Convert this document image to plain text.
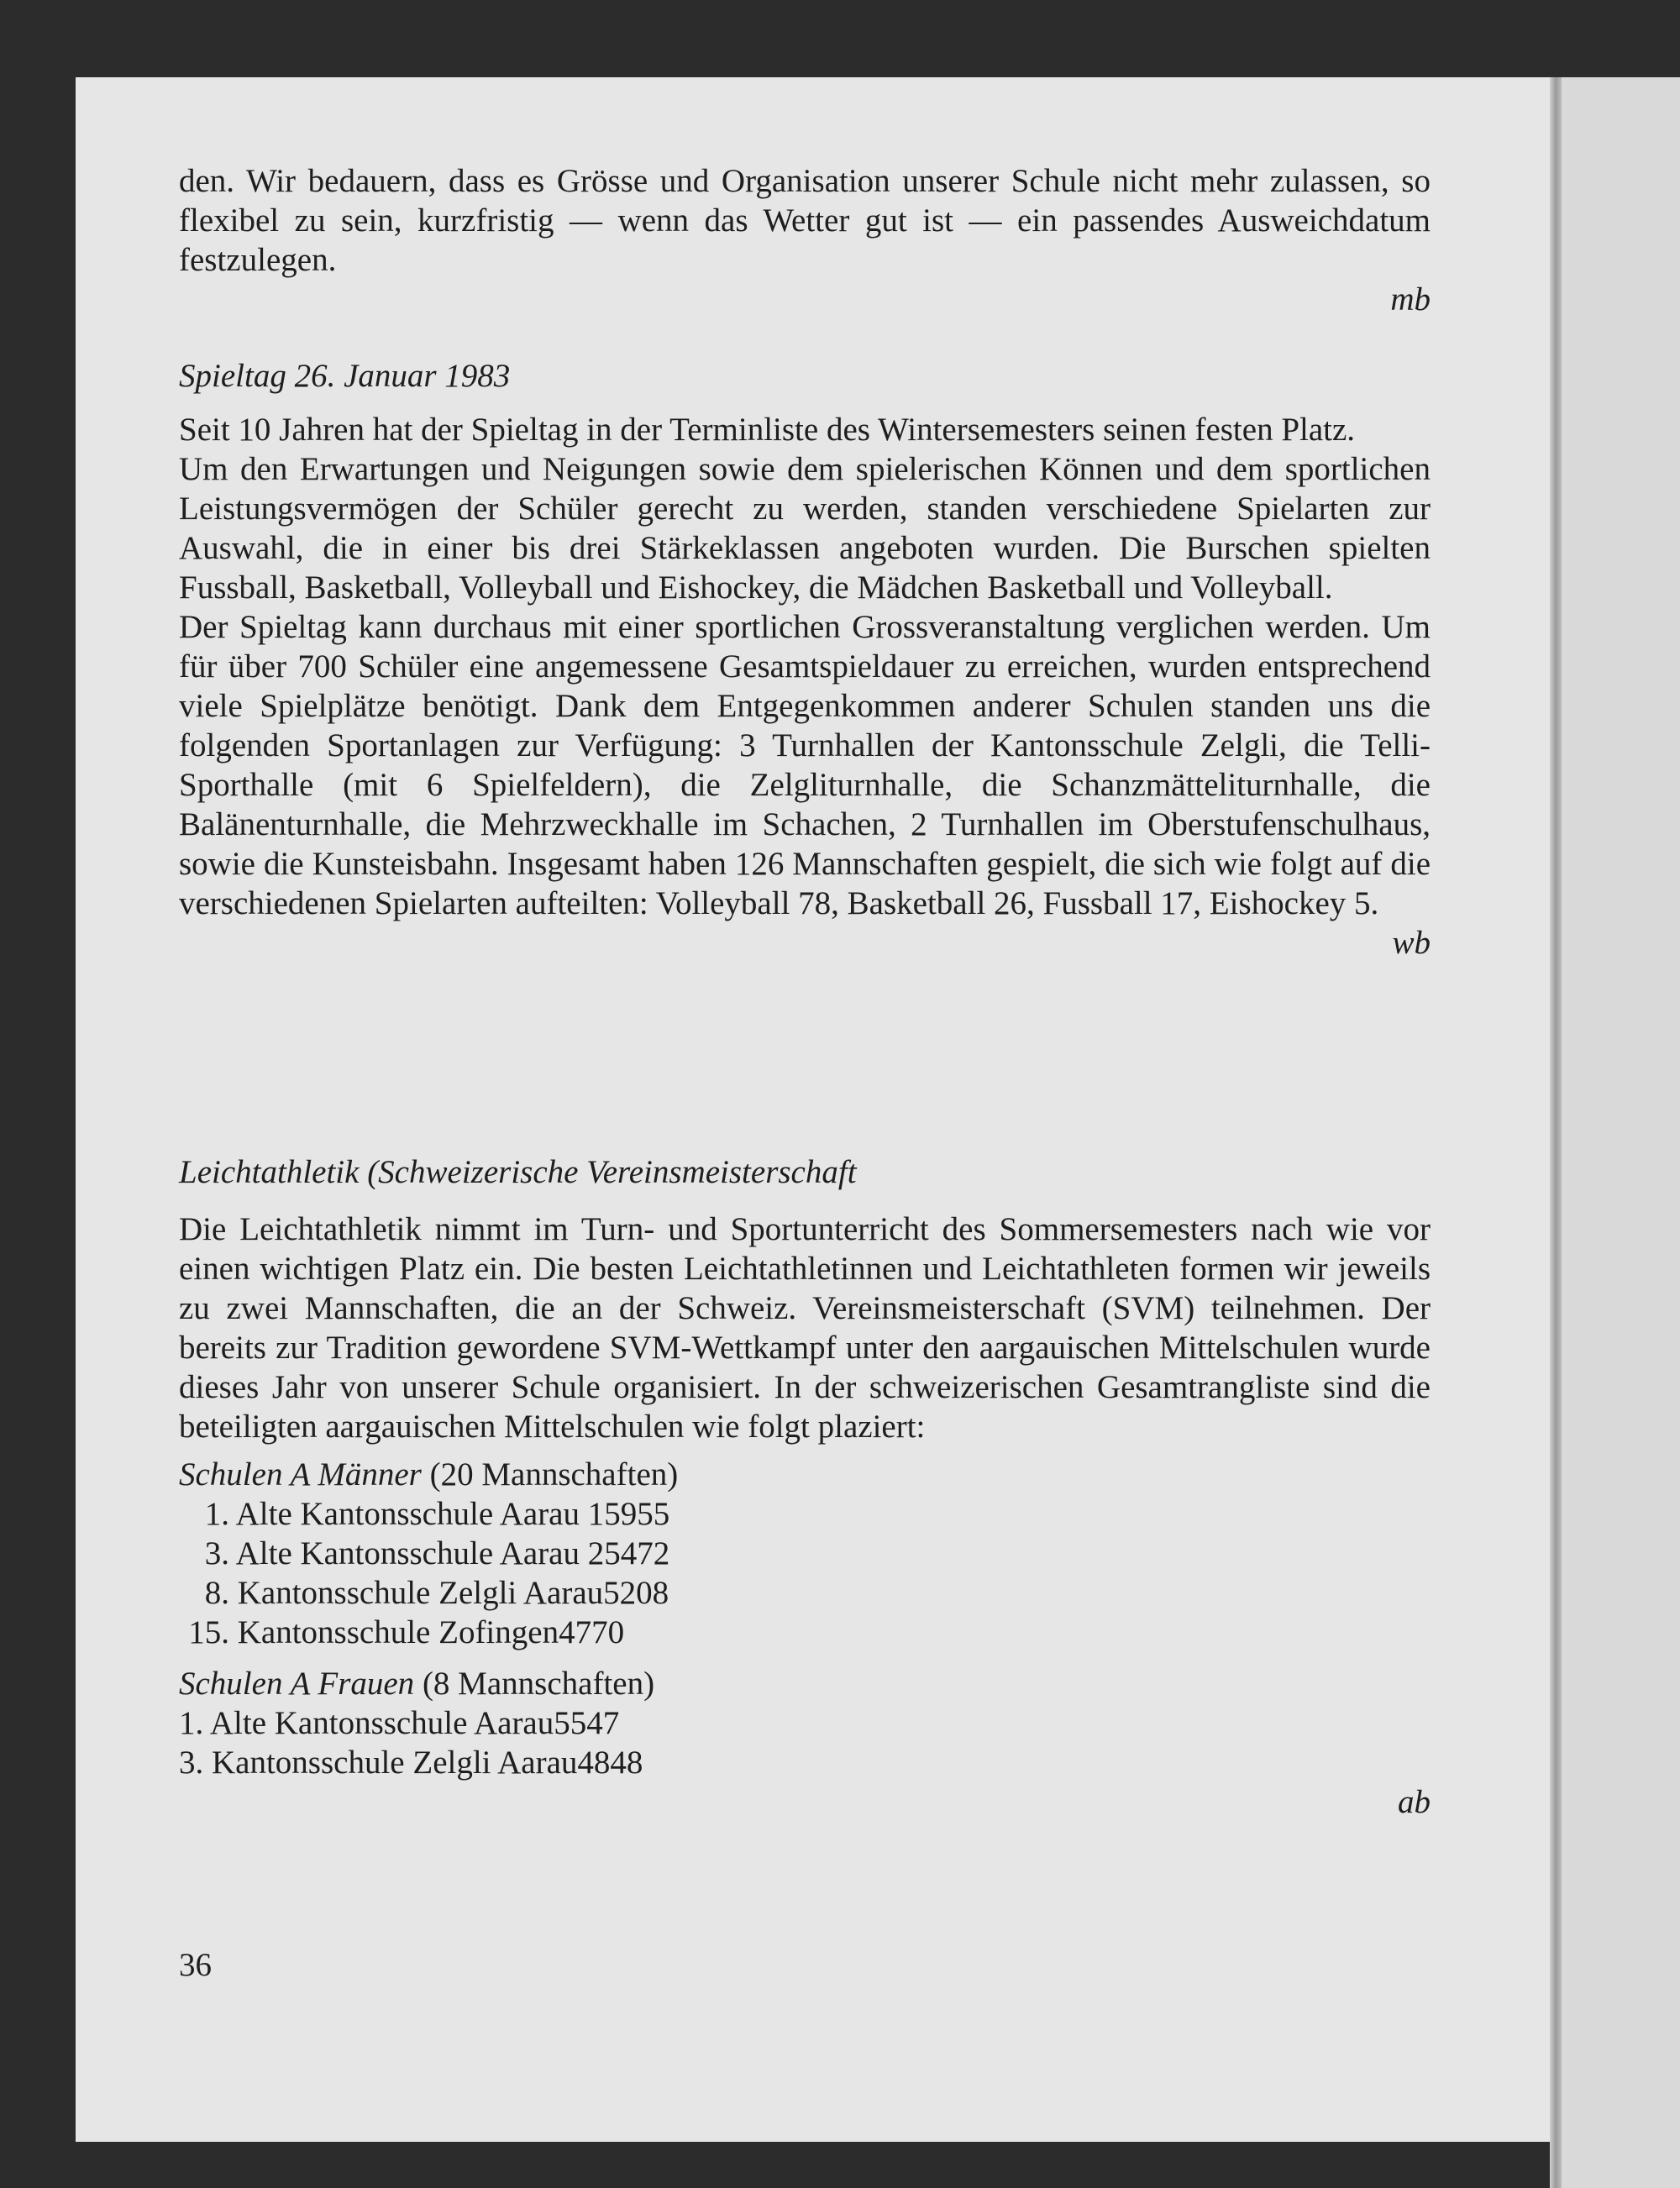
den. Wir bedauern, dass es Grösse und Organisation unserer Schule nicht mehr zulassen, so flexibel zu sein, kurzfristig — wenn das Wetter gut ist — ein passendes Ausweichdatum festzulegen.

mb

Spieltag 26. Januar 1983

Seit 10 Jahren hat der Spieltag in der Terminliste des Wintersemesters seinen festen Platz.

Um den Erwartungen und Neigungen sowie dem spielerischen Können und dem sportlichen Leistungsvermögen der Schüler gerecht zu werden, standen verschiedene Spielarten zur Auswahl, die in einer bis drei Stärkeklassen angeboten wurden. Die Burschen spielten Fussball, Basketball, Volleyball und Eishockey, die Mädchen Basketball und Volleyball.

Der Spieltag kann durchaus mit einer sportlichen Grossveranstaltung verglichen werden. Um für über 700 Schüler eine angemessene Gesamtspieldauer zu erreichen, wurden entsprechend viele Spielplätze benötigt. Dank dem Entgegenkommen anderer Schulen standen uns die folgenden Sportanlagen zur Verfügung: 3 Turnhallen der Kantonsschule Zelgli, die Telli-Sporthalle (mit 6 Spielfeldern), die Zelgliturnhalle, die Schanzmätteliturnhalle, die Balänenturnhalle, die Mehrzweckhalle im Schachen, 2 Turnhallen im Oberstufenschulhaus, sowie die Kunsteisbahn. Insgesamt haben 126 Mannschaften gespielt, die sich wie folgt auf die verschiedenen Spielarten aufteilten: Volleyball 78, Basketball 26, Fussball 17, Eishockey 5.

wb

Leichtathletik (Schweizerische Vereinsmeisterschaft

Die Leichtathletik nimmt im Turn- und Sportunterricht des Sommersemesters nach wie vor einen wichtigen Platz ein. Die besten Leichtathletinnen und Leichtathleten formen wir jeweils zu zwei Mannschaften, die an der Schweiz. Vereinsmeisterschaft (SVM) teilnehmen. Der bereits zur Tradition gewordene SVM-Wettkampf unter den aargauischen Mittelschulen wurde dieses Jahr von unserer Schule organisiert. In der schweizerischen Gesamtrangliste sind die beteiligten aargauischen Mittelschulen wie folgt plaziert:

Schulen A Männer (20 Mannschaften)

1. Alte Kantonsschule Aarau 15955
3. Alte Kantonsschule Aarau 25472
8. Kantonsschule Zelgli Aarau5208
15. Kantonsschule Zofingen4770

Schulen A Frauen (8 Mannschaften)

1. Alte Kantonsschule Aarau5547
3. Kantonsschule Zelgli Aarau4848

ab

36
